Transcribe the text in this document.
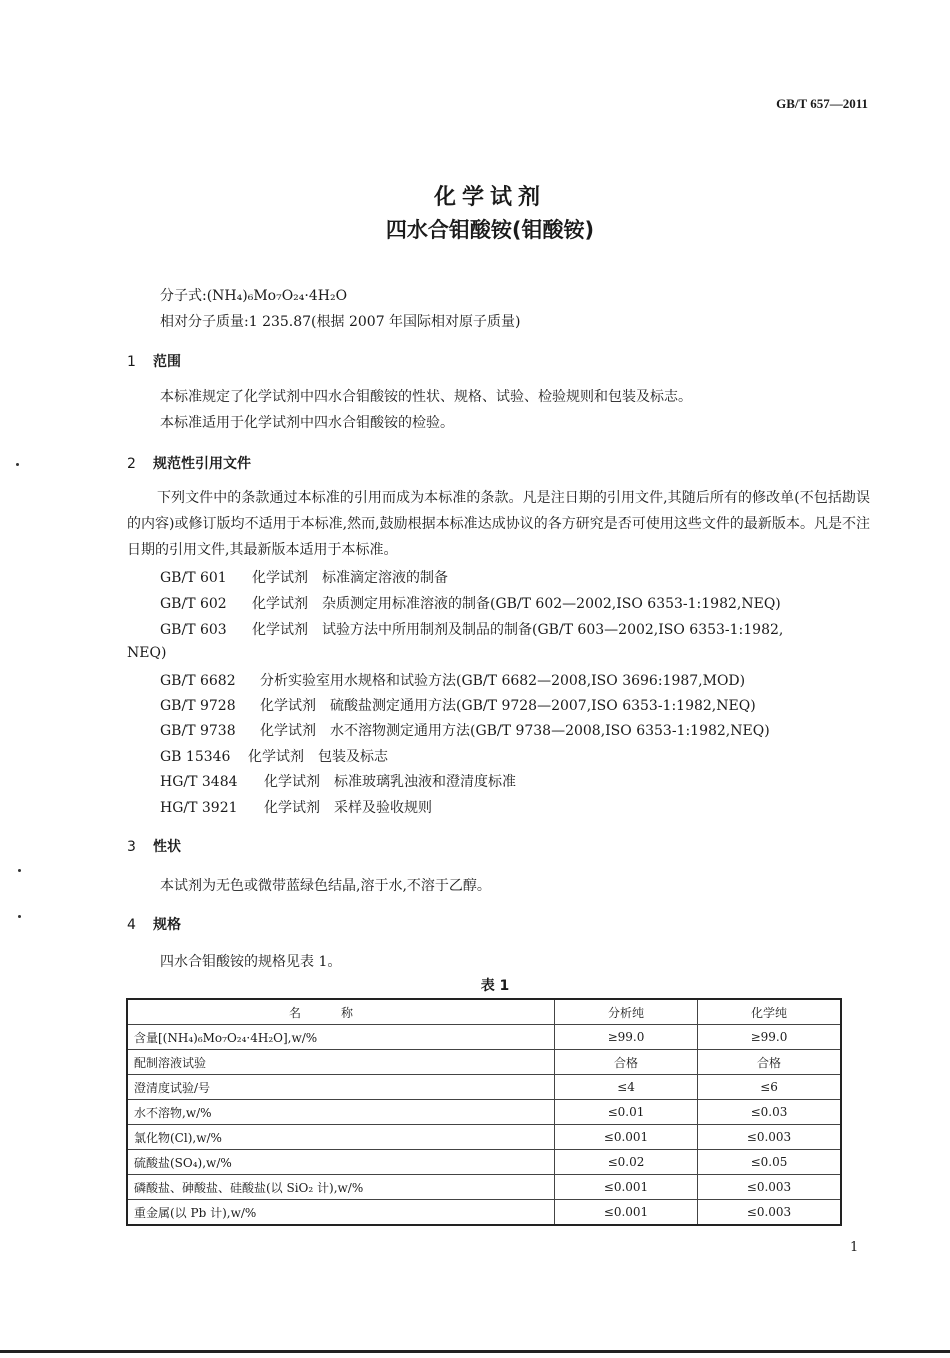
GB/T 657—2011
化学试剂
四水合钼酸铵(钼酸铵)
分子式:(NH₄)₆Mo₇O₂₄·4H₂O
相对分子质量:1 235.87(根据 2007 年国际相对原子质量)
1 范围
本标准规定了化学试剂中四水合钼酸铵的性状、规格、试验、检验规则和包装及标志。
本标准适用于化学试剂中四水合钼酸铵的检验。
2 规范性引用文件
下列文件中的条款通过本标准的引用而成为本标准的条款。凡是注日期的引用文件,其随后所有的修改单(不包括勘误的内容)或修订版均不适用于本标准,然而,鼓励根据本标准达成协议的各方研究是否可使用这些文件的最新版本。凡是不注日期的引用文件,其最新版本适用于本标准。
GB/T 601 化学试剂　标准滴定溶液的制备
GB/T 602 化学试剂　杂质测定用标准溶液的制备(GB/T 602—2002,ISO 6353-1:1982,NEQ)
GB/T 603 化学试剂　试验方法中所用制剂及制品的制备(GB/T 603—2002,ISO 6353-1:1982,
NEQ)
GB/T 6682 分析实验室用水规格和试验方法(GB/T 6682—2008,ISO 3696:1987,MOD)
GB/T 9728 化学试剂　硫酸盐测定通用方法(GB/T 9728—2007,ISO 6353-1:1982,NEQ)
GB/T 9738 化学试剂　水不溶物测定通用方法(GB/T 9738—2008,ISO 6353-1:1982,NEQ)
GB 15346 化学试剂　包装及标志
HG/T 3484 化学试剂　标准玻璃乳浊液和澄清度标准
HG/T 3921 化学试剂　采样及验收规则
3 性状
本试剂为无色或微带蓝绿色结晶,溶于水,不溶于乙醇。
4 规格
四水合钼酸铵的规格见表 1。
表 1
名称	分析纯	化学纯
含量[(NH₄)₆Mo₇O₂₄·4H₂O],w/%	≥99.0	≥99.0
配制溶液试验	合格	合格
澄清度试验/号	≤4	≤6
水不溶物,w/%	≤0.01	≤0.03
氯化物(Cl),w/%	≤0.001	≤0.003
硫酸盐(SO₄),w/%	≤0.02	≤0.05
磷酸盐、砷酸盐、硅酸盐(以 SiO₂ 计),w/%	≤0.001	≤0.003
重金属(以 Pb 计),w/%	≤0.001	≤0.003
1
